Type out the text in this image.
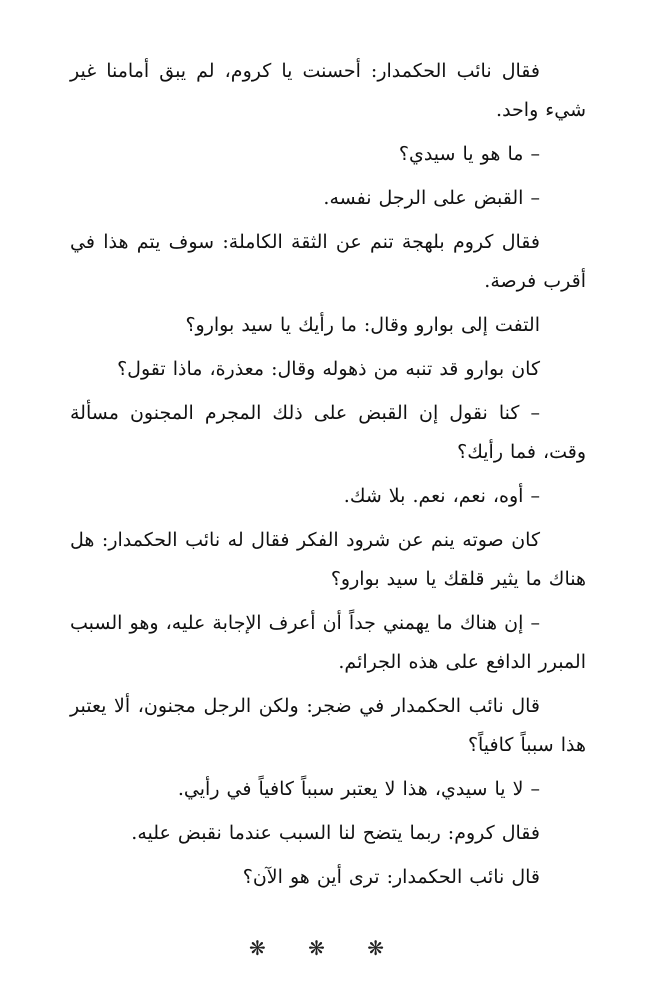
فقال نائب الحكمدار: أحسنت يا كروم، لم يبق أمامنا غير شيء واحد.

– ما هو يا سيدي؟

– القبض على الرجل نفسه.

فقال كروم بلهجة تنم عن الثقة الكاملة: سوف يتم هذا في أقرب فرصة.

التفت إلى بوارو وقال: ما رأيك يا سيد بوارو؟

كان بوارو قد تنبه من ذهوله وقال: معذرة، ماذا تقول؟

– كنا نقول إن القبض على ذلك المجرم المجنون مسألة وقت، فما رأيك؟

– أوه، نعم، نعم. بلا شك.

كان صوته ينم عن شرود الفكر فقال له نائب الحكمدار: هل هناك ما يثير قلقك يا سيد بوارو؟

– إن هناك ما يهمني جداً أن أعرف الإجابة عليه، وهو السبب المبرر الدافع على هذه الجرائم.

قال نائب الحكمدار في ضجر: ولكن الرجل مجنون، ألا يعتبر هذا سبباً كافياً؟

– لا يا سيدي، هذا لا يعتبر سبباً كافياً في رأيي.

فقال كروم: ربما يتضح لنا السبب عندما نقبض عليه.

قال نائب الحكمدار: ترى أين هو الآن؟

❋ ❋ ❋
